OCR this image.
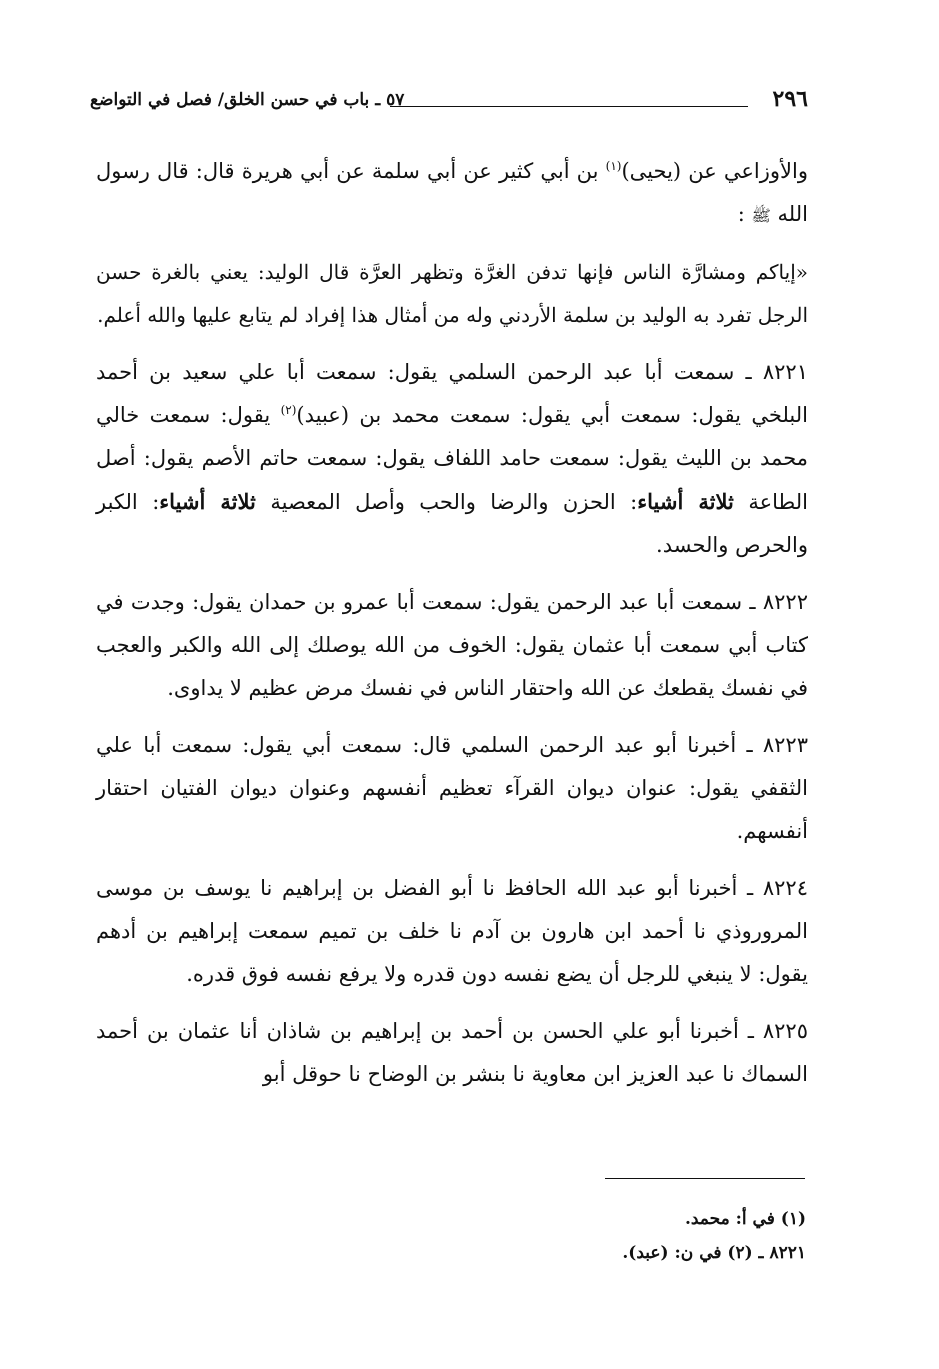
٢٩٦
٥٧ ـ باب في حسن الخلق/ فصل في التواضع

والأوزاعي عن (يحيى)$^{(١)}$ بن أبي كثير عن أبي سلمة عن أبي هريرة قال: قال رسول الله ﷺ :

«إياكم ومشارَّة الناس فإنها تدفن الغرَّة وتظهر العرَّة قال الوليد: يعني بالغرة حسن الرجل تفرد به الوليد بن سلمة الأردني وله من أمثال هذا إفراد لم يتابع عليها والله أعلم.

٨٢٢١ ـ سمعت أبا عبد الرحمن السلمي يقول: سمعت أبا علي سعيد بن أحمد البلخي يقول: سمعت أبي يقول: سمعت محمد بن (عبيد)$^{(٢)}$ يقول: سمعت خالي محمد بن الليث يقول: سمعت حامد اللفاف يقول: سمعت حاتم الأصم يقول: أصل الطاعة ثلاثة أشياء: الحزن والرضا والحب وأصل المعصية ثلاثة أشياء: الكبر والحرص والحسد.

٨٢٢٢ ـ سمعت أبا عبد الرحمن يقول: سمعت أبا عمرو بن حمدان يقول: وجدت في كتاب أبي سمعت أبا عثمان يقول: الخوف من الله يوصلك إلى الله والكبر والعجب في نفسك يقطعك عن الله واحتقار الناس في نفسك مرض عظيم لا يداوى.

٨٢٢٣ ـ أخبرنا أبو عبد الرحمن السلمي قال: سمعت أبي يقول: سمعت أبا علي الثقفي يقول: عنوان ديوان القرآء تعظيم أنفسهم وعنوان ديوان الفتيان احتقار أنفسهم.

٨٢٢٤ ـ أخبرنا أبو عبد الله الحافظ نا أبو الفضل بن إبراهيم نا يوسف بن موسى المروروذي نا أحمد ابن هارون بن آدم نا خلف بن تميم سمعت إبراهيم بن أدهم يقول: لا ينبغي للرجل أن يضع نفسه دون قدره ولا يرفع نفسه فوق قدره.

٨٢٢٥ ـ أخبرنا أبو علي الحسن بن أحمد بن إبراهيم بن شاذان أنا عثمان بن أحمد السماك نا عبد العزيز ابن معاوية نا بنشر بن الوضاح نا حوقل أبو

(١) في أ: محمد.
٨٢٢١ ـ (٢) في ن: (عبد).
